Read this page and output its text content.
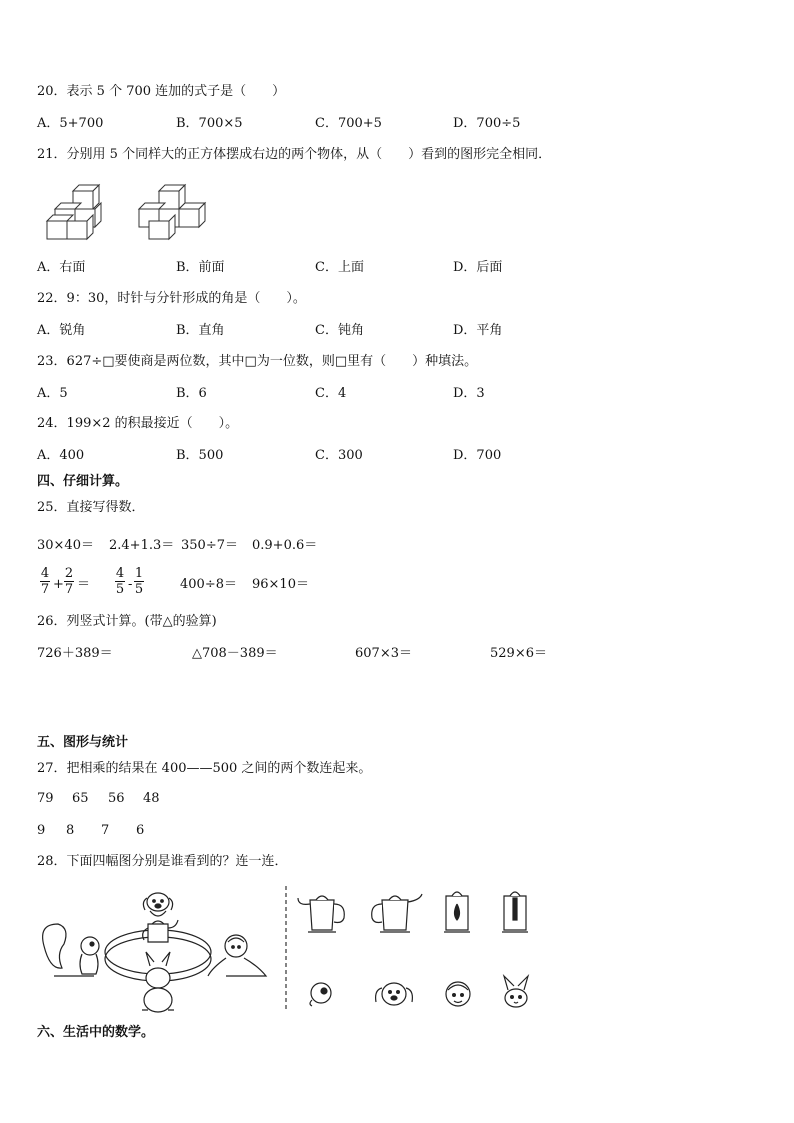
20．表示 5 个 700 连加的式子是（　　）
A．5+700	B．700×5	C．700+5	D．700÷5
21．分别用 5 个同样大的正方体摆成右边的两个物体，从（　　）看到的图形完全相同．
A．右面	B．前面	C．上面	D．后面
22．9：30，时针与分针形成的角是（　　）。
A．锐角	B．直角	C．钝角	D．平角
23．627÷□要使商是两位数，其中□为一位数，则□里有（　　）种填法。
A．5	B．6	C．4	D．3
24．199×2 的积最接近（　　）。
A．400	B．500	C．300	D．700
四、仔细计算。
25．直接写得数．
30×40＝ 2.4+1.3＝ 350÷7＝ 0.9+0.6＝
4
7 +
2
7 ＝
4
5 -
1
5	400÷8＝ 96×10＝
26．列竖式计算。(带△的验算)
726＋389＝	△708－389＝	607×3＝	529×6＝
五、图形与统计
27．把相乘的结果在 400——500 之间的两个数连起来。
79 65 56 48
9 8 7 6
28．下面四幅图分别是谁看到的？连一连．
六、生活中的数学。
